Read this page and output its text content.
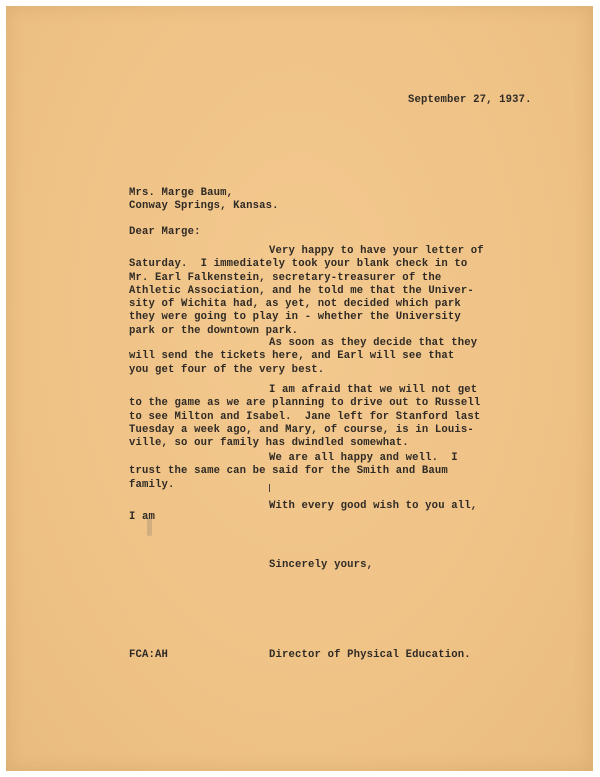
September 27, 1937.

Mrs. Marge Baum,

Conway Springs, Kansas.

Dear Marge:

Very happy to have your letter of
Saturday.  I immediately took your blank check in to
Mr. Earl Falkenstein, secretary-treasurer of the
Athletic Association, and he told me that the Univer-
sity of Wichita had, as yet, not decided which park
they were going to play in - whether the University
park or the downtown park.
As soon as they decide that they
will send the tickets here, and Earl will see that
you get four of the very best.
I am afraid that we will not get
to the game as we are planning to drive out to Russell
to see Milton and Isabel.  Jane left for Stanford last
Tuesday a week ago, and Mary, of course, is in Louis-
ville, so our family has dwindled somewhat.
We are all happy and well.  I
trust the same can be said for the Smith and Baum
family.

With every good wish to you all,

I am

Sincerely yours,

FCA:AH	Director of Physical Education.
